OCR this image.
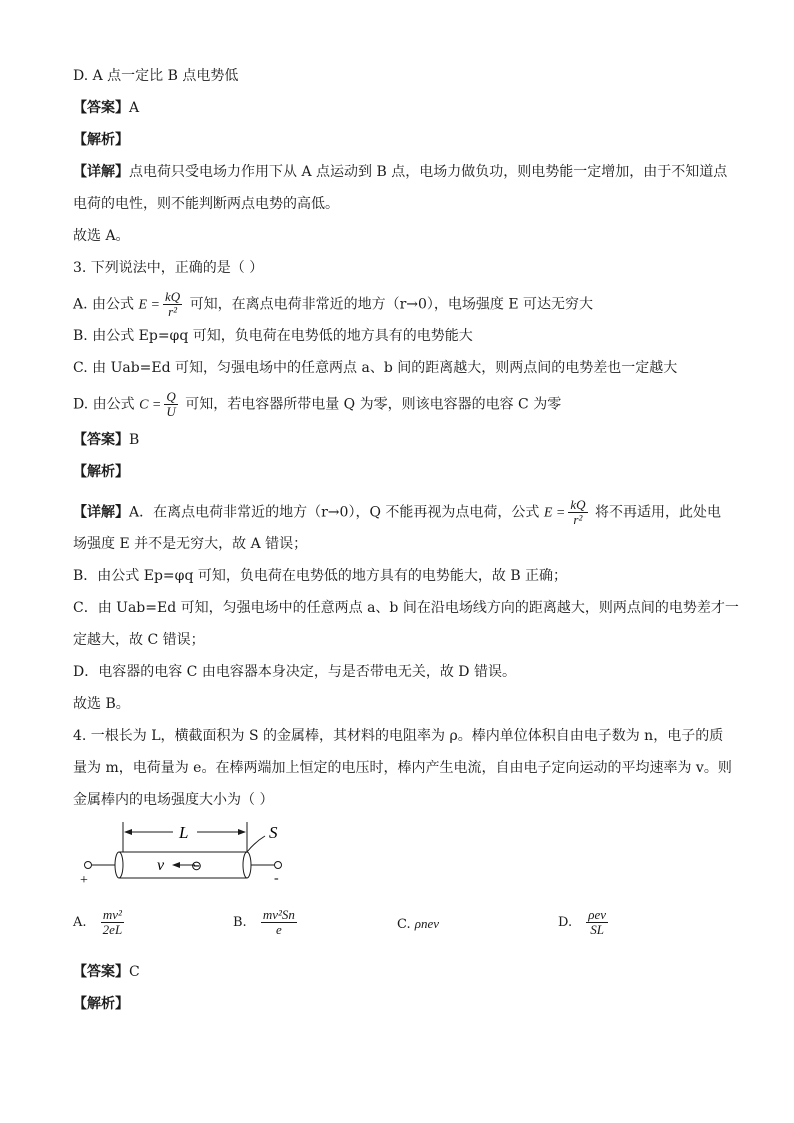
D. A 点一定比 B 点电势低
【答案】A
【解析】
【详解】点电荷只受电场力作用下从 A 点运动到 B 点，电场力做负功，则电势能一定增加，由于不知道点
电荷的电性，则不能判断两点电势的高低。
故选 A。
3. 下列说法中，正确的是（ ）
A. 由公式 $E = \frac{kQ}{\text{r²}}$ 可知，在离点电荷非常近的地方（r→0），电场强度 E 可达无穷大
B. 由公式 Ep=φq 可知，负电荷在电势低的地方具有的电势能大
C. 由 Uab=Ed 可知，匀强电场中的任意两点 a、b 间的距离越大，则两点间的电势差也一定越大
D. 由公式 $C = \frac{Q}{U}$ 可知，若电容器所带电量 Q 为零，则该电容器的电容 C 为零
【答案】B
【解析】
【详解】A．在离点电荷非常近的地方（r→0），Q 不能再视为点电荷，公式 $E = \frac{kQ}{\text{r²}}$ 将不再适用，此处电
场强度 E 并不是无穷大，故 A 错误；
B．由公式 Ep=φq 可知，负电荷在电势低的地方具有的电势能大，故 B 正确；
C．由 Uab=Ed 可知，匀强电场中的任意两点 a、b 间在沿电场线方向的距离越大，则两点间的电势差才一
定越大，故 C 错误；
D．电容器的电容 C 由电容器本身决定，与是否带电无关，故 D 错误。
故选 B。
4. 一根长为 L，横截面积为 S 的金属棒，其材料的电阻率为 ρ。棒内单位体积自由电子数为 n，电子的质
量为 m，电荷量为 e。在棒两端加上恒定的电压时，棒内产生电流，自由电子定向运动的平均速率为 v。则
金属棒内的电场强度大小为（ ）
L	S
+	-
v ⊖
A. $\frac{\text{mv²}}{2eL}$	B. $\frac{\text{mv²Sn}}{e}$	C. ρnev	D. $\frac{\text{ρev}}{SL}$
【答案】C
【解析】
